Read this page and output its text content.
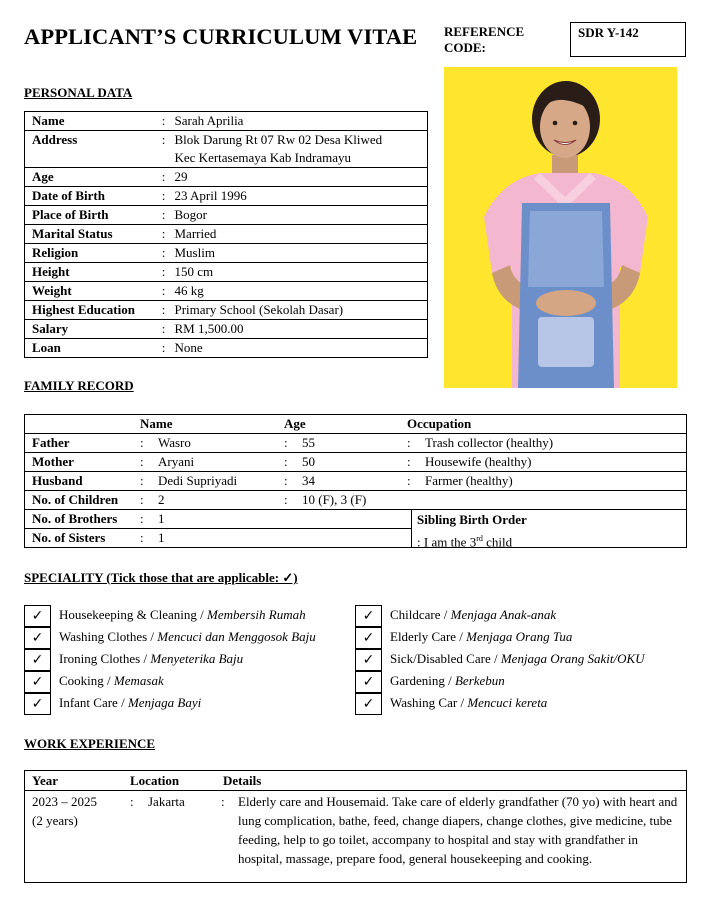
APPLICANT’S CURRICULUM VITAE REFERENCE
CODE:
SDR Y-142
PERSONAL DATA
Name	:	Sarah Aprilia

Address	:	Blok Darung Rt 07 Rw 02 Desa Kliwed
Kec Kertasemaya Kab Indramayu

Age	:	29

Date of Birth	:	23 April 1996

Place of Birth	:	Bogor

Marital Status	:	Married

Religion	:	Muslim

Height	:	150 cm

Weight	:	46 kg

Highest Education	:	Primary School (Sekolah Dasar)

Salary	:	RM 1,500.00

Loan	:	None
FAMILY RECORD
Name	Age	Occupation
Father	: Wasro	: 55	: Trash collector (healthy)
Mother	: Aryani	: 50	: Housewife (healthy)
Husband	: Dedi Supriyadi	: 34	: Farmer (healthy)
No. of Children : 2	: 10 (F), 3 (F)
No. of Brothers : 1
No. of Sisters	: 1
Sibling Birth Order
: I am the 3rd child
SPECIALITY (Tick those that are applicable: ✓)
✓	Housekeeping & Cleaning / Membersih Rumah
✓	Washing Clothes / Mencuci dan Menggosok Baju
✓	Ironing Clothes / Menyeterika Baju
✓	Cooking / Memasak
✓	Infant Care / Menjaga Bayi
✓	Childcare / Menjaga Anak-anak
✓	Elderly Care / Menjaga Orang Tua
✓	Sick/Disabled Care / Menjaga Orang Sakit/OKU
✓	Gardening / Berkebun
✓	Washing Car / Mencuci kereta
WORK EXPERIENCE
Year	Location	Details
2023 – 2025
(2 years)
: Jakarta	: Elderly care and Housemaid. Take care of elderly grandfather (70 yo) with heart and lung complication, bathe, feed, change diapers, change clothes, give medicine, tube feeding, help to go toilet, accompany to hospital and stay with grandfather in hospital, massage, prepare food, general housekeeping and cooking.
